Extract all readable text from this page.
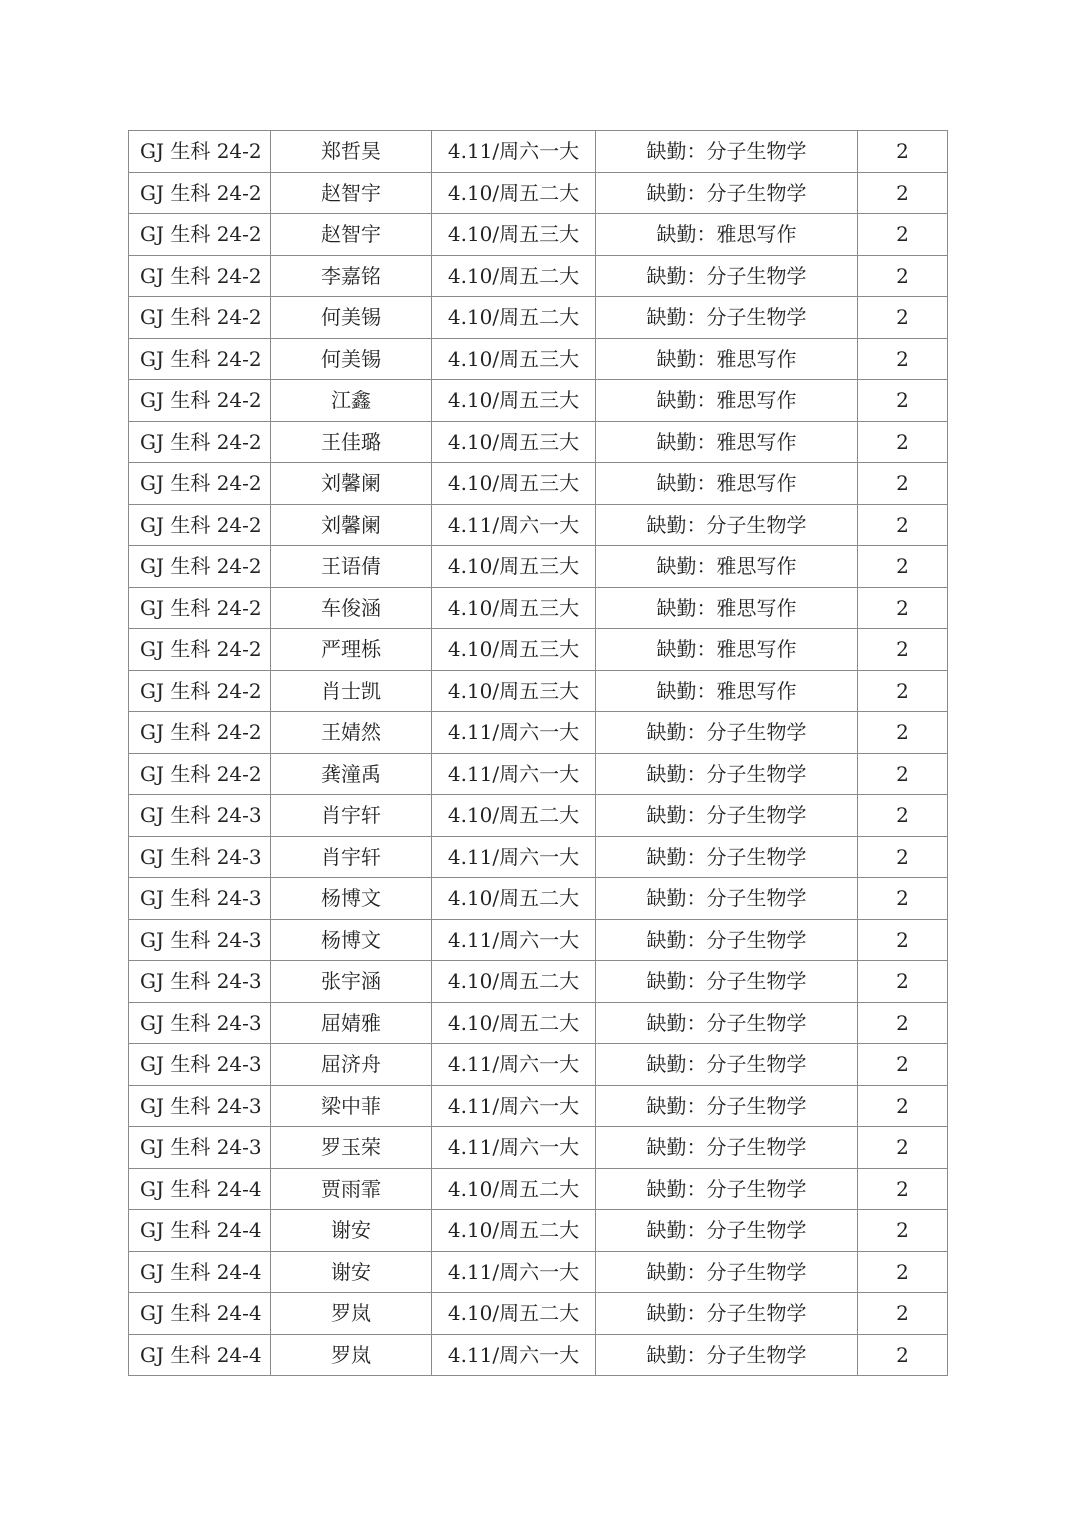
GJ 生科 24-2	郑哲昊	4.11/周六一大	缺勤：分子生物学	2
GJ 生科 24-2	赵智宇	4.10/周五二大	缺勤：分子生物学	2
GJ 生科 24-2	赵智宇	4.10/周五三大	缺勤：雅思写作	2
GJ 生科 24-2	李嘉铭	4.10/周五二大	缺勤：分子生物学	2
GJ 生科 24-2	何美锡	4.10/周五二大	缺勤：分子生物学	2
GJ 生科 24-2	何美锡	4.10/周五三大	缺勤：雅思写作	2
GJ 生科 24-2	江鑫	4.10/周五三大	缺勤：雅思写作	2
GJ 生科 24-2	王佳璐	4.10/周五三大	缺勤：雅思写作	2
GJ 生科 24-2	刘馨阑	4.10/周五三大	缺勤：雅思写作	2
GJ 生科 24-2	刘馨阑	4.11/周六一大	缺勤：分子生物学	2
GJ 生科 24-2	王语倩	4.10/周五三大	缺勤：雅思写作	2
GJ 生科 24-2	车俊涵	4.10/周五三大	缺勤：雅思写作	2
GJ 生科 24-2	严理栎	4.10/周五三大	缺勤：雅思写作	2
GJ 生科 24-2	肖士凯	4.10/周五三大	缺勤：雅思写作	2
GJ 生科 24-2	王婧然	4.11/周六一大	缺勤：分子生物学	2
GJ 生科 24-2	龚潼禹	4.11/周六一大	缺勤：分子生物学	2
GJ 生科 24-3	肖宇轩	4.10/周五二大	缺勤：分子生物学	2
GJ 生科 24-3	肖宇轩	4.11/周六一大	缺勤：分子生物学	2
GJ 生科 24-3	杨博文	4.10/周五二大	缺勤：分子生物学	2
GJ 生科 24-3	杨博文	4.11/周六一大	缺勤：分子生物学	2
GJ 生科 24-3	张宇涵	4.10/周五二大	缺勤：分子生物学	2
GJ 生科 24-3	屈婧雅	4.10/周五二大	缺勤：分子生物学	2
GJ 生科 24-3	屈济舟	4.11/周六一大	缺勤：分子生物学	2
GJ 生科 24-3	梁中菲	4.11/周六一大	缺勤：分子生物学	2
GJ 生科 24-3	罗玉荣	4.11/周六一大	缺勤：分子生物学	2
GJ 生科 24-4	贾雨霏	4.10/周五二大	缺勤：分子生物学	2
GJ 生科 24-4	谢安	4.10/周五二大	缺勤：分子生物学	2
GJ 生科 24-4	谢安	4.11/周六一大	缺勤：分子生物学	2
GJ 生科 24-4	罗岚	4.10/周五二大	缺勤：分子生物学	2
GJ 生科 24-4	罗岚	4.11/周六一大	缺勤：分子生物学	2
